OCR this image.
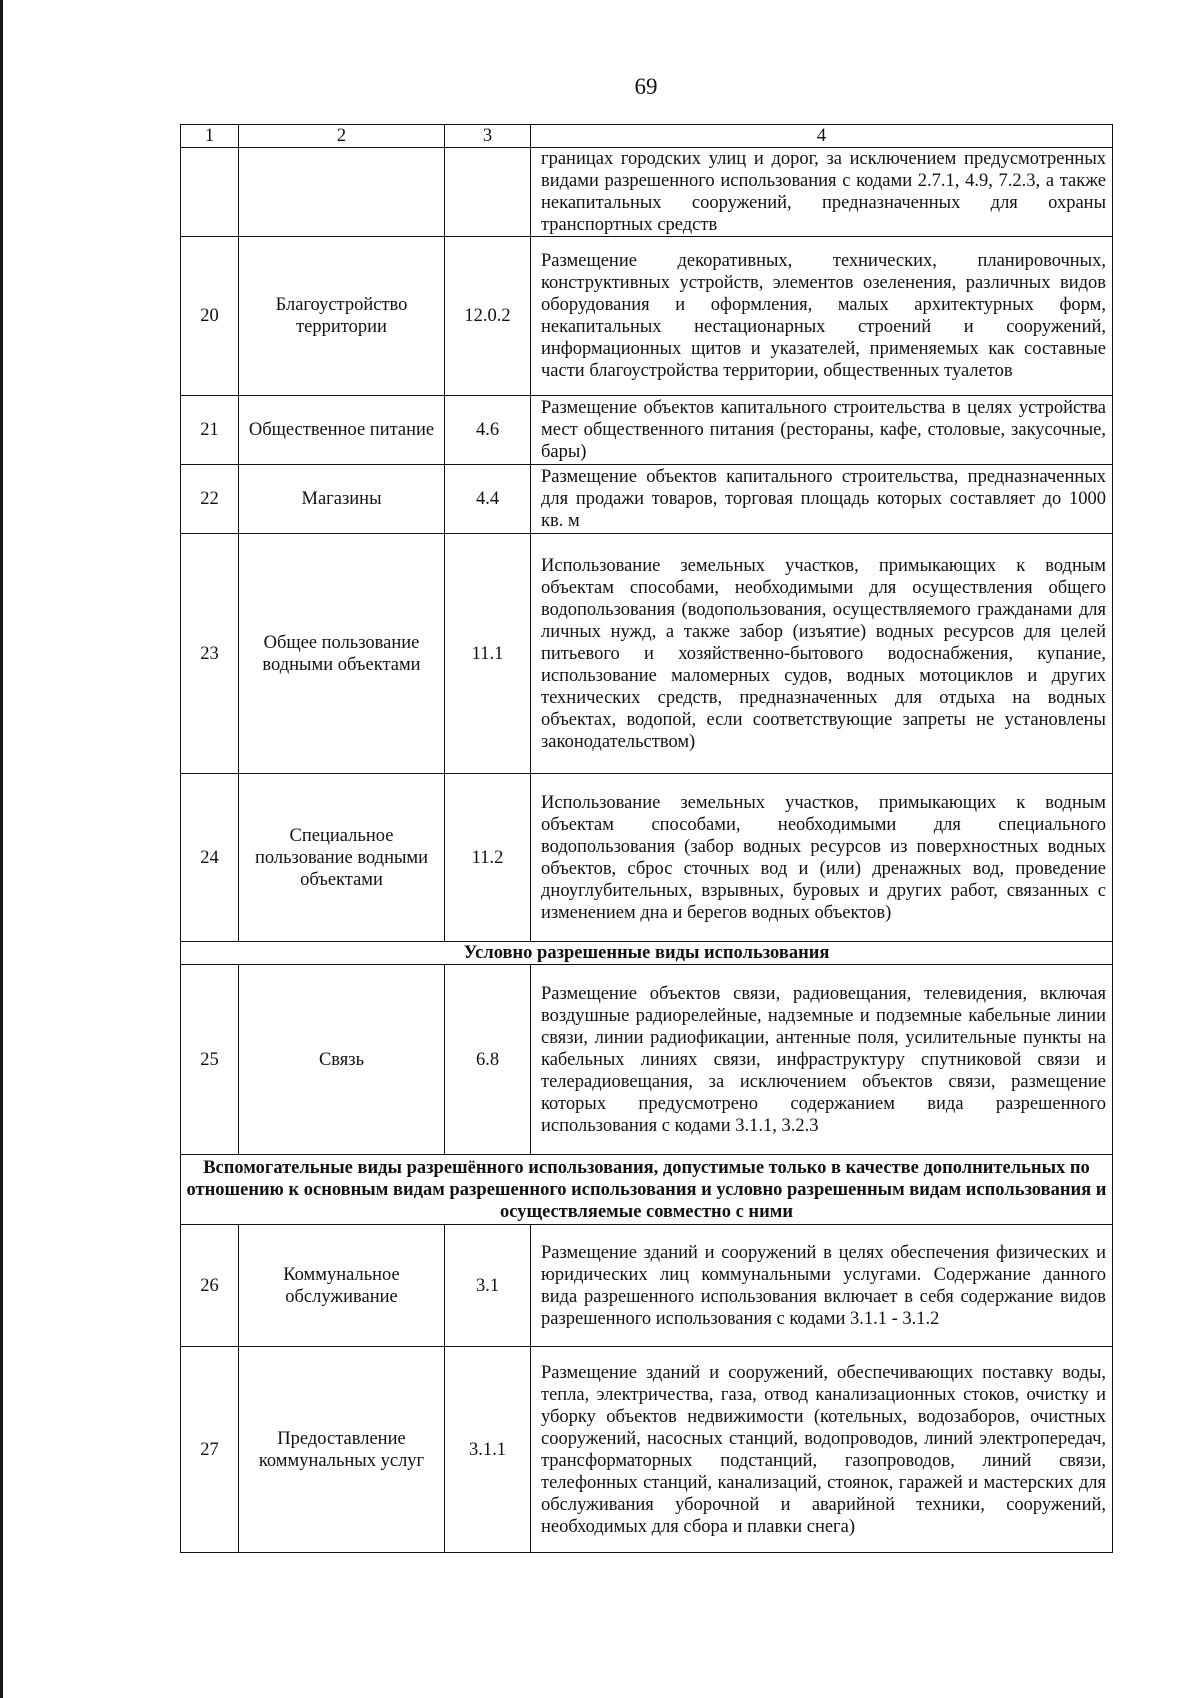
69
1	2	3	4
			границах городских улиц и дорог, за исключением предусмотренных видами разрешенного использования с кодами 2.7.1, 4.9, 7.2.3, а также некапитальных сооружений, предназначенных для охраны транспортных средств
20	Благоустройство территории	12.0.2	Размещение декоративных, технических, планировочных, конструктивных устройств, элементов озеленения, различных видов оборудования и оформления, малых архитектурных форм, некапитальных нестационарных строений и сооружений, информационных щитов и указателей, применяемых как составные части благоустройства территории, общественных туалетов
21	Общественное питание	4.6	Размещение объектов капитального строительства в целях устройства мест общественного питания (рестораны, кафе, столовые, закусочные, бары)
22	Магазины	4.4	Размещение объектов капитального строительства, предназначенных для продажи товаров, торговая площадь которых составляет до 1000 кв. м
23	Общее пользование водными объектами	11.1	Использование земельных участков, примыкающих к водным объектам способами, необходимыми для осуществления общего водопользования (водопользования, осуществляемого гражданами для личных нужд, а также забор (изъятие) водных ресурсов для целей питьевого и хозяйственно-бытового водоснабжения, купание, использование маломерных судов, водных мотоциклов и других технических средств, предназначенных для отдыха на водных объектах, водопой, если соответствующие запреты не установлены законодательством)
24	Специальное пользование водными объектами	11.2	Использование земельных участков, примыкающих к водным объектам способами, необходимыми для специального водопользования (забор водных ресурсов из поверхностных водных объектов, сброс сточных вод и (или) дренажных вод, проведение дноуглубительных, взрывных, буровых и других работ, связанных с изменением дна и берегов водных объектов)
Условно разрешенные виды использования			
25	Связь	6.8	Размещение объектов связи, радиовещания, телевидения, включая воздушные радиорелейные, надземные и подземные кабельные линии связи, линии радиофикации, антенные поля, усилительные пункты на кабельных линиях связи, инфраструктуру спутниковой связи и телерадиовещания, за исключением объектов связи, размещение которых предусмотрено содержанием вида разрешенного использования с кодами 3.1.1, 3.2.3
Вспомогательные виды разрешённого использования, допустимые только в качестве дополнительных по отношению к основным видам разрешенного использования и условно разрешенным видам использования и осуществляемые совместно с ними			
26	Коммунальное обслуживание	3.1	Размещение зданий и сооружений в целях обеспечения физических и юридических лиц коммунальными услугами. Содержание данного вида разрешенного использования включает в себя содержание видов разрешенного использования с кодами 3.1.1 - 3.1.2
27	Предоставление коммунальных услуг	3.1.1	Размещение зданий и сооружений, обеспечивающих поставку воды, тепла, электричества, газа, отвод канализационных стоков, очистку и уборку объектов недвижимости (котельных, водозаборов, очистных сооружений, насосных станций, водопроводов, линий электропередач, трансформаторных подстанций, газопроводов, линий связи, телефонных станций, канализаций, стоянок, гаражей и мастерских для обслуживания уборочной и аварийной техники, сооружений, необходимых для сбора и плавки снега)
